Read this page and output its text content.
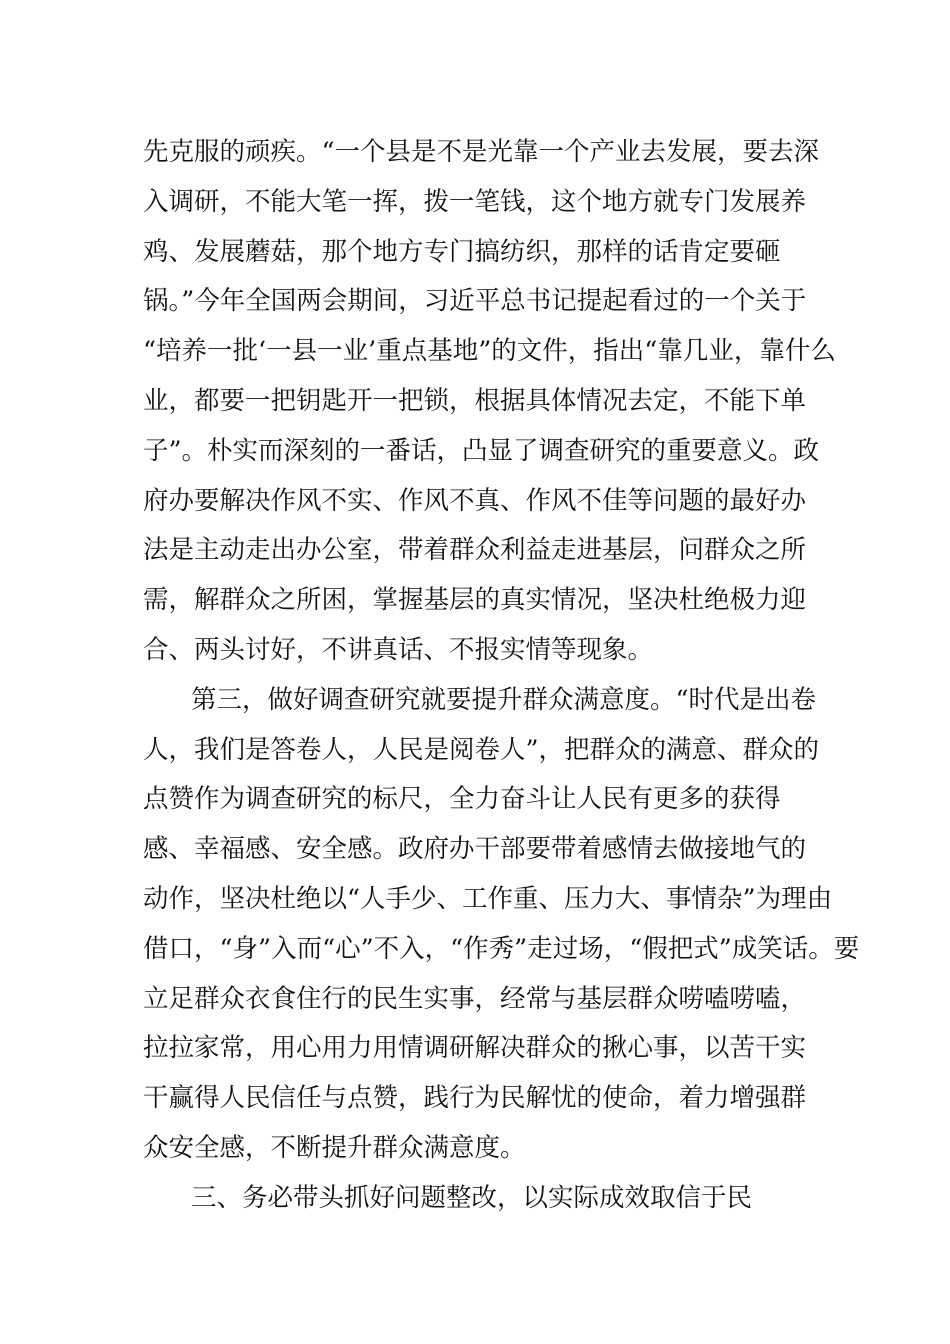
先克服的顽疾。“一个县是不是光靠一个产业去发展，要去深
入调研，不能大笔一挥，拨一笔钱，这个地方就专门发展养
鸡、发展蘑菇，那个地方专门搞纺织，那样的话肯定要砸
锅。”今年全国两会期间，习近平总书记提起看过的一个关于
“培养一批‘一县一业’重点基地”的文件，指出“靠几业，靠什么
业，都要一把钥匙开一把锁，根据具体情况去定，不能下单
子”。朴实而深刻的一番话，凸显了调查研究的重要意义。政
府办要解决作风不实、作风不真、作风不佳等问题的最好办
法是主动走出办公室，带着群众利益走进基层，问群众之所
需，解群众之所困，掌握基层的真实情况，坚决杜绝极力迎
合、两头讨好，不讲真话、不报实情等现象。
第三，做好调查研究就要提升群众满意度。“时代是出卷
人，我们是答卷人，人民是阅卷人”，把群众的满意、群众的
点赞作为调查研究的标尺，全力奋斗让人民有更多的获得
感、幸福感、安全感。政府办干部要带着感情去做接地气的
动作，坚决杜绝以“人手少、工作重、压力大、事情杂”为理由
借口，“身”入而“心”不入，“作秀”走过场，“假把式”成笑话。要
立足群众衣食住行的民生实事，经常与基层群众唠嗑唠嗑，
拉拉家常，用心用力用情调研解决群众的揪心事，以苦干实
干赢得人民信任与点赞，践行为民解忧的使命，着力增强群
众安全感，不断提升群众满意度。
三、务必带头抓好问题整改，以实际成效取信于民
